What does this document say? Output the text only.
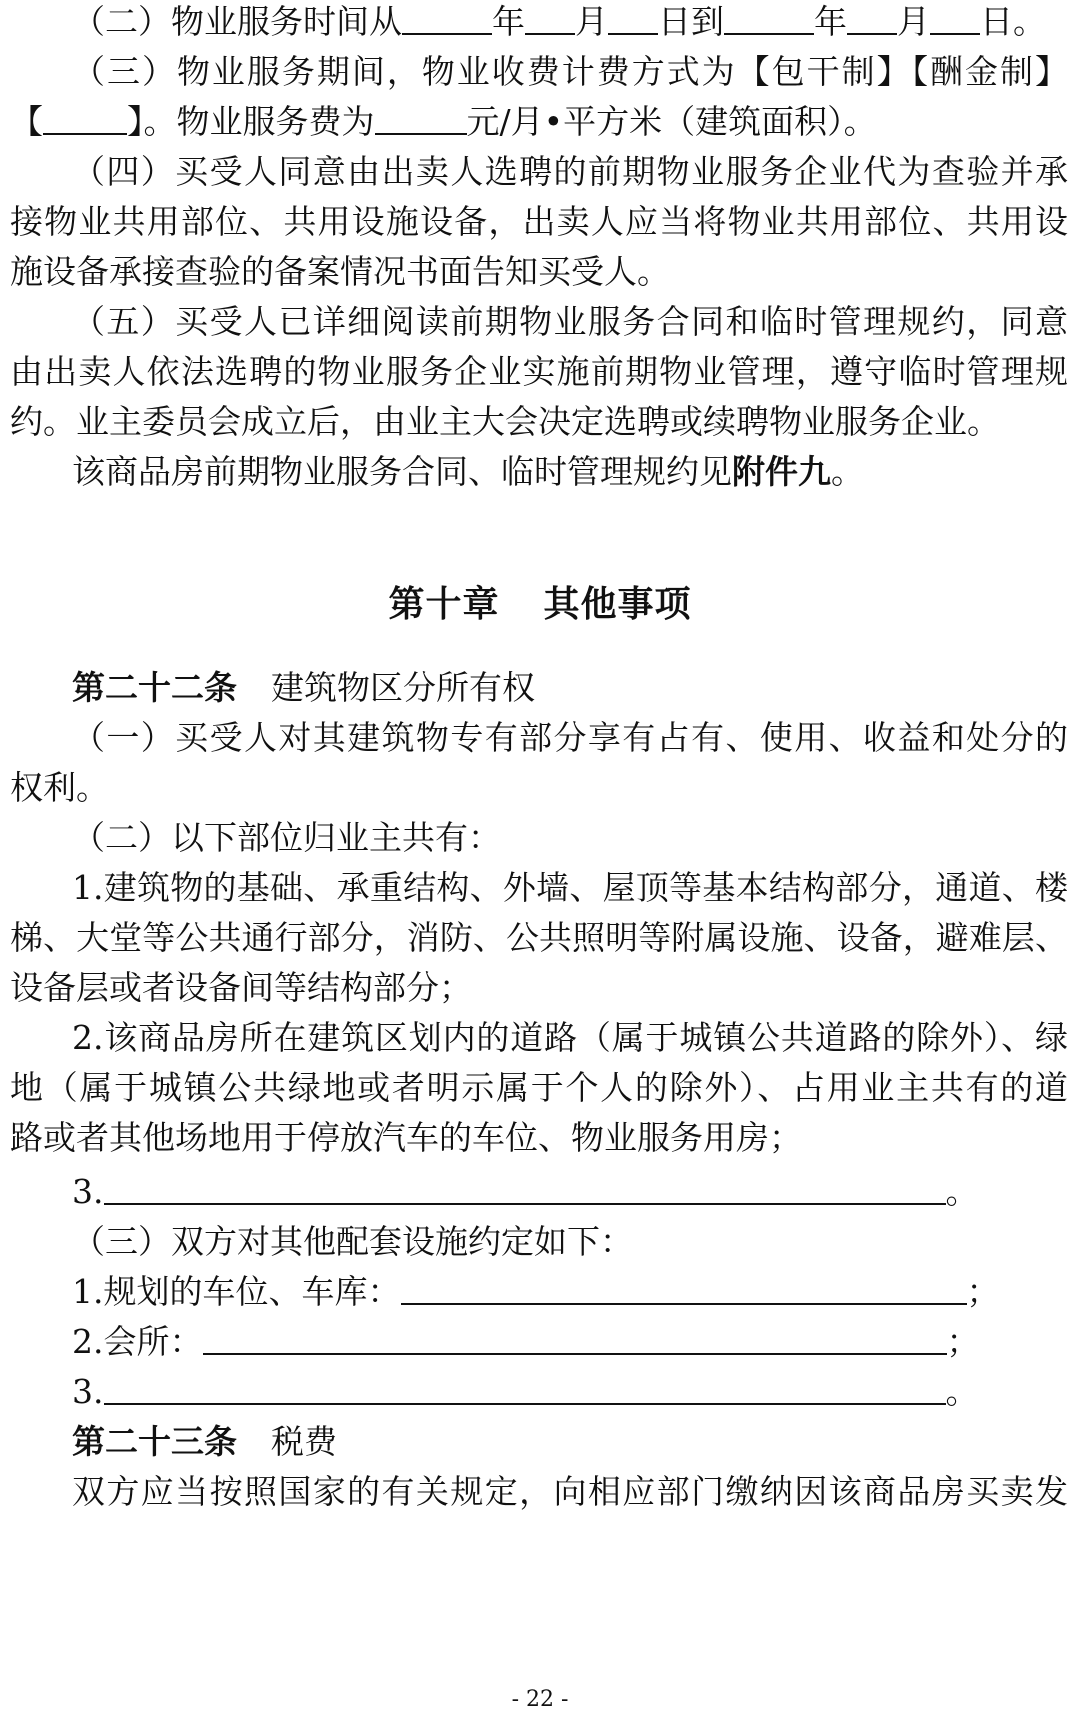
（二）物业服务时间从	年 月 日到	年 月 日。
（三）物业服务期间，物业收费计费方式为【包干制】【酬金制】
【	】。物业服务费为	元/月•平方米（建筑面积）。
（四）买受人同意由出卖人选聘的前期物业服务企业代为查验并承
接物业共用部位、共用设施设备，出卖人应当将物业共用部位、共用设
施设备承接查验的备案情况书面告知买受人。
（五）买受人已详细阅读前期物业服务合同和临时管理规约，同意
由出卖人依法选聘的物业服务企业实施前期物业管理，遵守临时管理规
约。业主委员会成立后，由业主大会决定选聘或续聘物业服务企业。
该商品房前期物业服务合同、临时管理规约见附件九。
第十章 其他事项
第二十二条 建筑物区分所有权
（一）买受人对其建筑物专有部分享有占有、使用、收益和处分的
权利。
（二）以下部位归业主共有：
1.建筑物的基础、承重结构、外墙、屋顶等基本结构部分，通道、楼
梯、大堂等公共通行部分，消防、公共照明等附属设施、设备，避难层、
设备层或者设备间等结构部分；
2.该商品房所在建筑区划内的道路（属于城镇公共道路的除外）、绿
地（属于城镇公共绿地或者明示属于个人的除外）、占用业主共有的道
路或者其他场地用于停放汽车的车位、物业服务用房；
3.	。
（三）双方对其他配套设施约定如下：
1.规划的车位、车库：	；
2.会所：	；
3.	。
第二十三条 税费
双方应当按照国家的有关规定，向相应部门缴纳因该商品房买卖发
- 22 -
